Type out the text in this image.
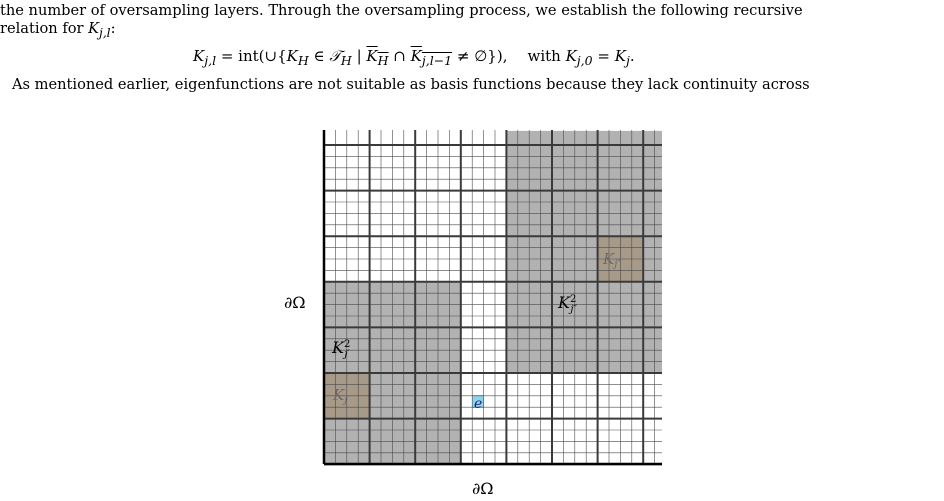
the number of oversampling layers. Through the oversampling process, we establish the following recursive
relation for $K_{j,l}$:
$K_{j,l}$ = $int(\cup\{K_H$ ∈ 𝒯$_H$ | $K_H$ ∩ $K_{j,l-1}$ ≠ ∅}), with $K_{j,0} = K_j$.
As mentioned earlier, eigenfunctions are not suitable as basis functions because they lack continuity across
∂Ω
∂Ω
$K_{j''}$
$K^2$ j″
$K^2$ j′
$K_{j'}$	e
